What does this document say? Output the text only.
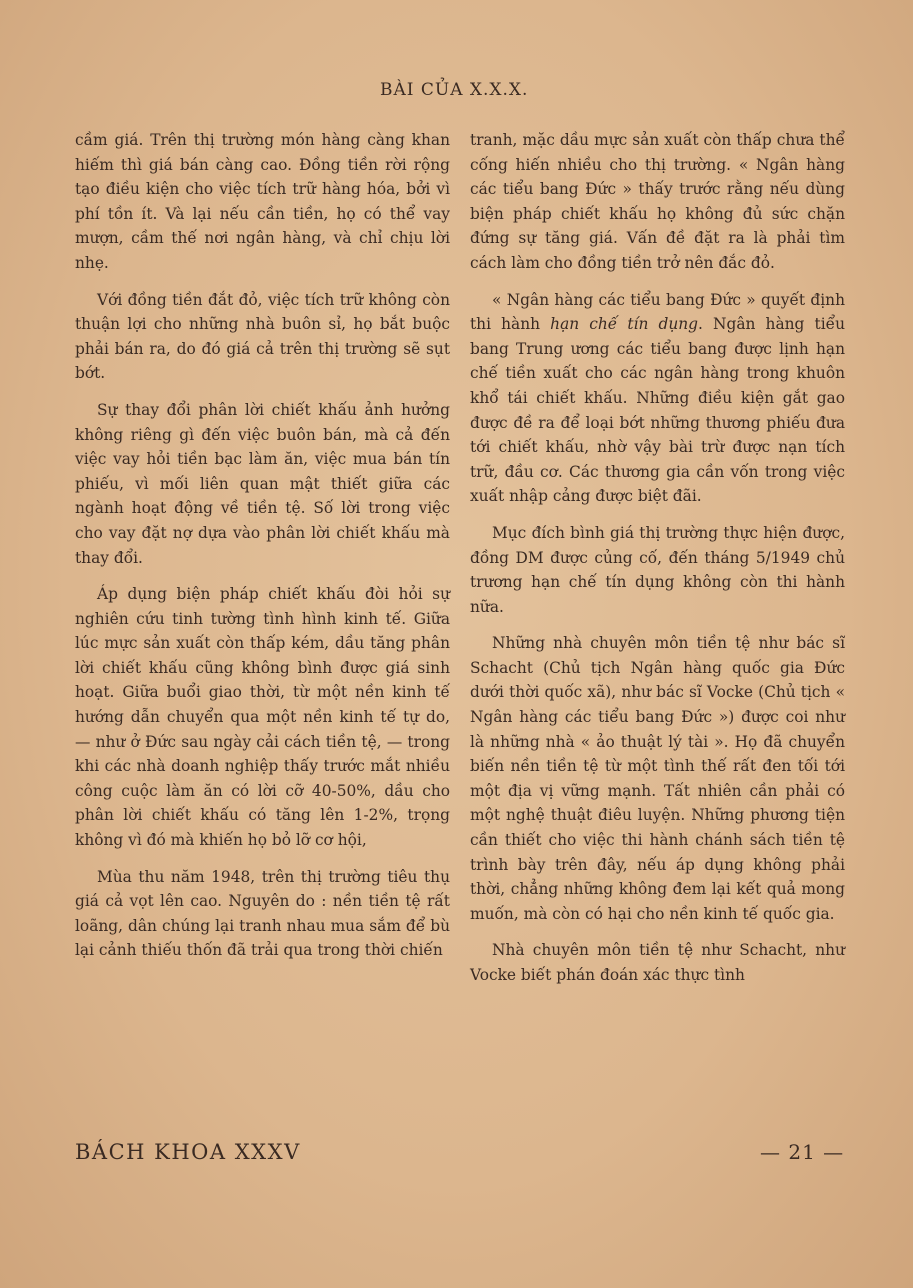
BÀI CỦA X.X.X.

cầm giá. Trên thị trường món hàng càng khan hiếm thì giá bán càng cao. Đồng tiền rời rộng tạo điều kiện cho việc tích trữ hàng hóa, bởi vì phí tồn ít. Và lại nếu cần tiền, họ có thể vay mượn, cầm thế nơi ngân hàng, và chỉ chịu lời nhẹ.

Với đồng tiền đắt đỏ, việc tích trữ không còn thuận lợi cho những nhà buôn sỉ, họ bắt buộc phải bán ra, do đó giá cả trên thị trường sẽ sụt bớt.

Sự thay đổi phân lời chiết khấu ảnh hưởng không riêng gì đến việc buôn bán, mà cả đến việc vay hỏi tiền bạc làm ăn, việc mua bán tín phiếu, vì mối liên quan mật thiết giữa các ngành hoạt động về tiền tệ. Số lời trong việc cho vay đặt nợ dựa vào phân lời chiết khấu mà thay đổi.

Áp dụng biện pháp chiết khấu đòi hỏi sự nghiên cứu tinh tường tình hình kinh tế. Giữa lúc mực sản xuất còn thấp kém, dầu tăng phân lời chiết khấu cũng không bình được giá sinh hoạt. Giữa buổi giao thời, từ một nền kinh tế hướng dẫn chuyển qua một nền kinh tế tự do, — như ở Đức sau ngày cải cách tiền tệ, — trong khi các nhà doanh nghiệp thấy trước mắt nhiều công cuộc làm ăn có lời cỡ 40-50%, dầu cho phân lời chiết khấu có tăng lên 1-2%, trọng không vì đó mà khiến họ bỏ lỡ cơ hội,

Mùa thu năm 1948, trên thị trường tiêu thụ giá cả vọt lên cao. Nguyên do : nền tiền tệ rất loãng, dân chúng lại tranh nhau mua sắm để bù lại cảnh thiếu thốn đã trải qua trong thời chiến

tranh, mặc dầu mực sản xuất còn thấp chưa thể cống hiến nhiều cho thị trường. « Ngân hàng các tiểu bang Đức » thấy trước rằng nếu dùng biện pháp chiết khấu họ không đủ sức chặn đứng sự tăng giá. Vấn đề đặt ra là phải tìm cách làm cho đồng tiền trở nên đắc đỏ.

« Ngân hàng các tiểu bang Đức » quyết định thi hành hạn chế tín dụng. Ngân hàng tiểu bang Trung ương các tiểu bang được lịnh hạn chế tiền xuất cho các ngân hàng trong khuôn khổ tái chiết khấu. Những điều kiện gắt gao được đề ra để loại bớt những thương phiếu đưa tới chiết khấu, nhờ vậy bài trừ được nạn tích trữ, đầu cơ. Các thương gia cần vốn trong việc xuất nhập cảng được biệt đãi.

Mục đích bình giá thị trường thực hiện được, đồng DM được củng cố, đến tháng 5/1949 chủ trương hạn chế tín dụng không còn thi hành nữa.

Những nhà chuyên môn tiền tệ như bác sĩ Schacht (Chủ tịch Ngân hàng quốc gia Đức dưới thời quốc xã), như bác sĩ Vocke (Chủ tịch « Ngân hàng các tiểu bang Đức ») được coi như là những nhà « ảo thuật lý tài ». Họ đã chuyển biến nền tiền tệ từ một tình thế rất đen tối tới một địa vị vững mạnh. Tất nhiên cần phải có một nghệ thuật điêu luyện. Những phương tiện cần thiết cho việc thi hành chánh sách tiền tệ trình bày trên đây, nếu áp dụng không phải thời, chẳng những không đem lại kết quả mong muốn, mà còn có hại cho nền kinh tế quốc gia.

Nhà chuyên môn tiền tệ như Schacht, như Vocke biết phán đoán xác thực tình

BÁCH KHOA XXXV	— 21 —
